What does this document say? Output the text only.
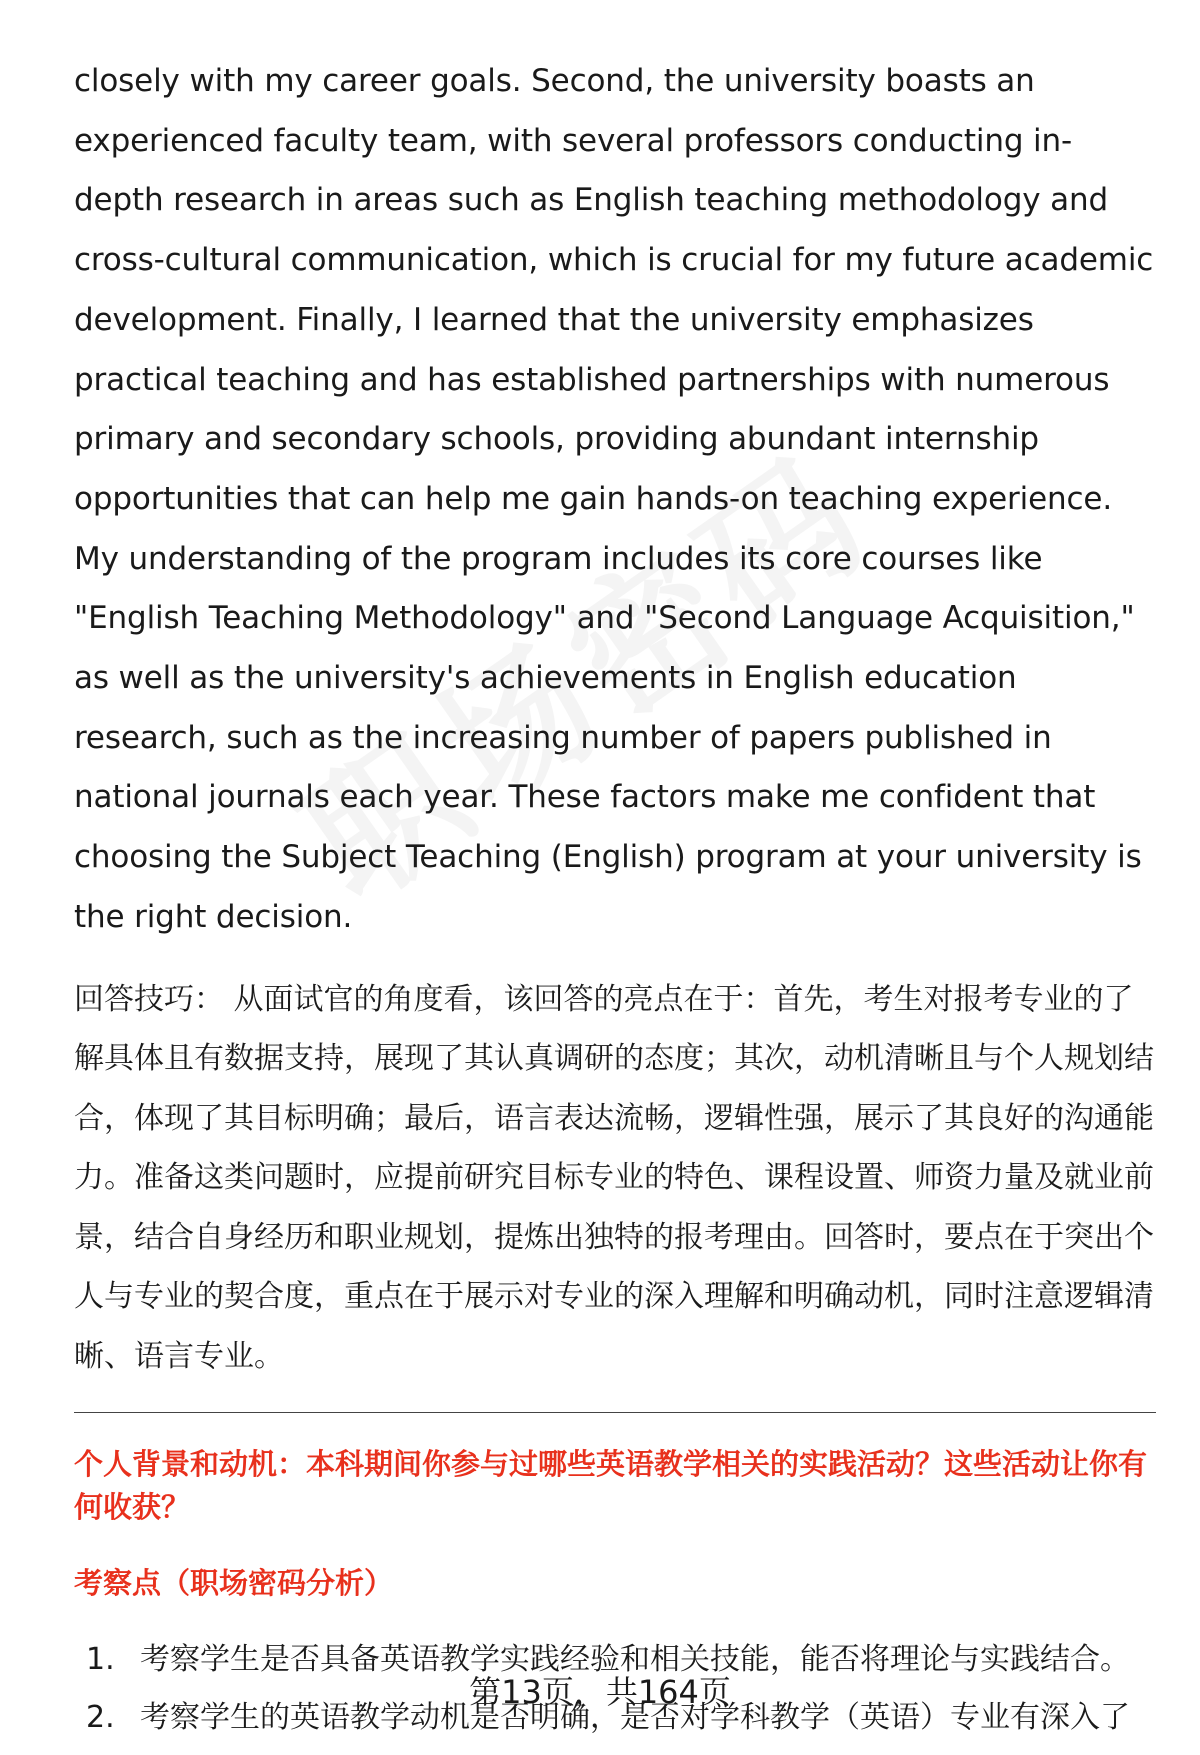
closely with my career goals. Second, the university boasts an experienced faculty team, with several professors conducting in-depth research in areas such as English teaching methodology and cross-cultural communication, which is crucial for my future academic development. Finally, I learned that the university emphasizes practical teaching and has established partnerships with numerous primary and secondary schools, providing abundant internship opportunities that can help me gain hands-on teaching experience. My understanding of the program includes its core courses like "English Teaching Methodology" and "Second Language Acquisition," as well as the university's achievements in English education research, such as the increasing number of papers published in national journals each year. These factors make me confident that choosing the Subject Teaching (English) program at your university is the right decision.

回答技巧： 从面试官的角度看，该回答的亮点在于：首先，考生对报考专业的了解具体且有数据支持，展现了其认真调研的态度；其次，动机清晰且与个人规划结合，体现了其目标明确；最后，语言表达流畅，逻辑性强，展示了其良好的沟通能力。准备这类问题时，应提前研究目标专业的特色、课程设置、师资力量及就业前景，结合自身经历和职业规划，提炼出独特的报考理由。回答时，要点在于突出个人与专业的契合度，重点在于展示对专业的深入理解和明确动机，同时注意逻辑清晰、语言专业。

个人背景和动机：本科期间你参与过哪些英语教学相关的实践活动？这些活动让你有何收获？

考察点（职场密码分析）

1. 考察学生是否具备英语教学实践经验和相关技能，能否将理论与实践结合。
2. 考察学生的英语教学动机是否明确，是否对学科教学（英语）专业有深入了
第13页，共164页
